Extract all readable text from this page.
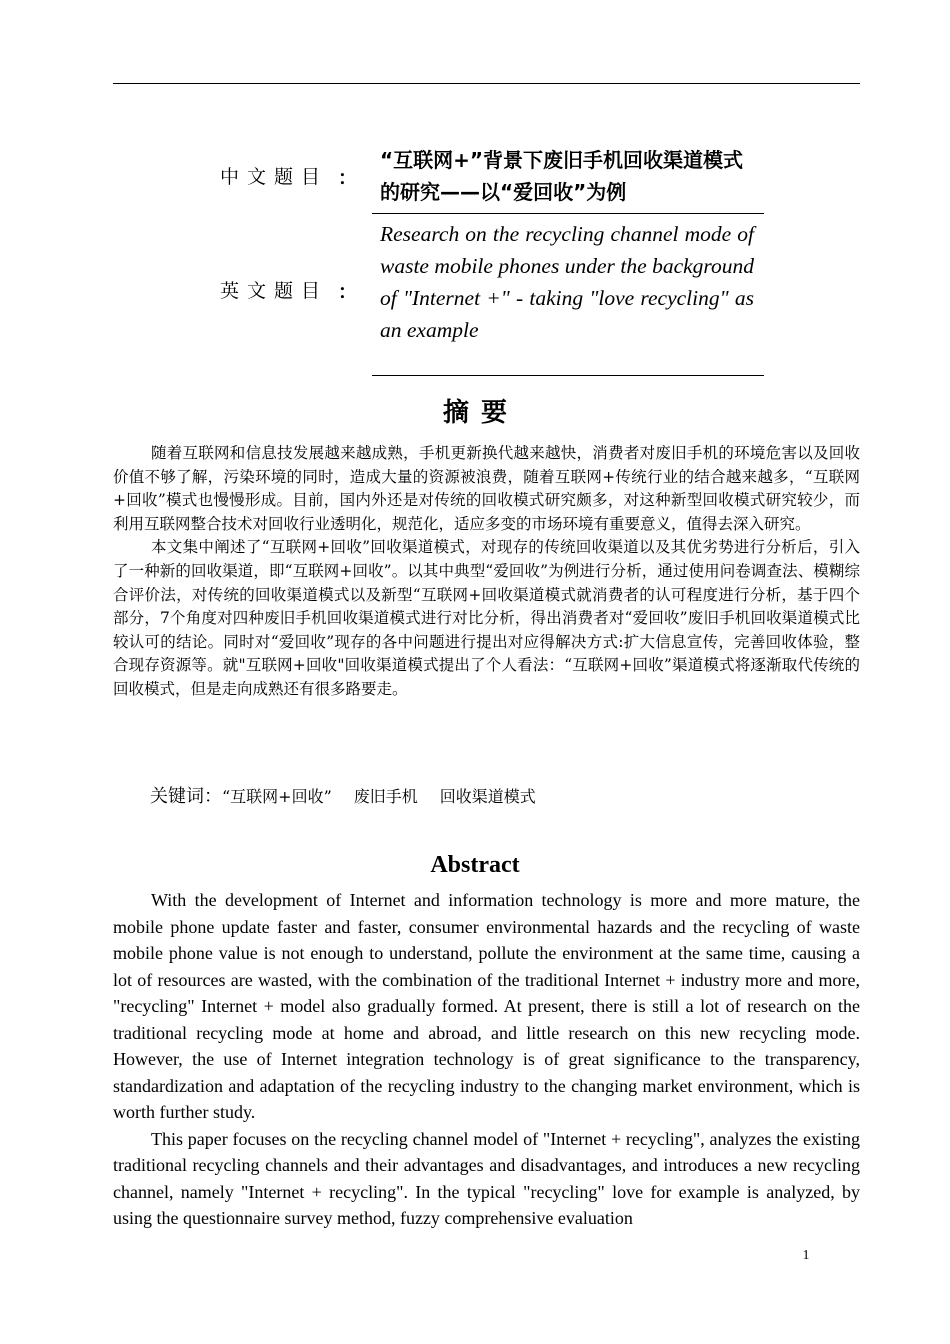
中文题目 ：
“互联网+”背景下废旧手机回收渠道模式的研究——以“爱回收”为例
英文题目 ：
Research on the recycling channel mode of waste mobile phones under the background of "Internet +" - taking "love recycling" as an example
摘要

随着互联网和信息技发展越来越成熟，手机更新换代越来越快，消费者对废旧手机的环境危害以及回收价值不够了解，污染环境的同时，造成大量的资源被浪费，随着互联网+传统行业的结合越来越多，“互联网+回收”模式也慢慢形成。目前，国内外还是对传统的回收模式研究颇多，对这种新型回收模式研究较少，而利用互联网整合技术对回收行业透明化，规范化，适应多变的市场环境有重要意义，值得去深入研究。

本文集中阐述了“互联网+回收”回收渠道模式，对现存的传统回收渠道以及其优劣势进行分析后，引入了一种新的回收渠道，即“互联网+回收”。以其中典型“爱回收”为例进行分析，通过使用问卷调查法、模糊综合评价法，对传统的回收渠道模式以及新型“互联网+回收渠道模式就消费者的认可程度进行分析，基于四个部分，7个角度对四种废旧手机回收渠道模式进行对比分析，得出消费者对“爱回收”废旧手机回收渠道模式比较认可的结论。同时对“爱回收”现存的各中问题进行提出对应得解决方式:扩大信息宣传，完善回收体验，整合现存资源等。就"互联网+回收"回收渠道模式提出了个人看法：“互联网+回收”渠道模式将逐渐取代传统的回收模式，但是走向成熟还有很多路要走。

关键词：“互联网+回收” 废旧手机 回收渠道模式
Abstract

With the development of Internet and information technology is more and more mature, the mobile phone update faster and faster, consumer environmental hazards and the recycling of waste mobile phone value is not enough to understand, pollute the environment at the same time, causing a lot of resources are wasted, with the combination of the traditional Internet + industry more and more, "recycling" Internet + model also gradually formed. At present, there is still a lot of research on the traditional recycling mode at home and abroad, and little research on this new recycling mode. However, the use of Internet integration technology is of great significance to the transparency, standardization and adaptation of the recycling industry to the changing market environment, which is worth further study.

This paper focuses on the recycling channel model of "Internet + recycling", analyzes the existing traditional recycling channels and their advantages and disadvantages, and introduces a new recycling channel, namely "Internet + recycling". In the typical "recycling" love for example is analyzed, by using the questionnaire survey method, fuzzy comprehensive evaluation

1
